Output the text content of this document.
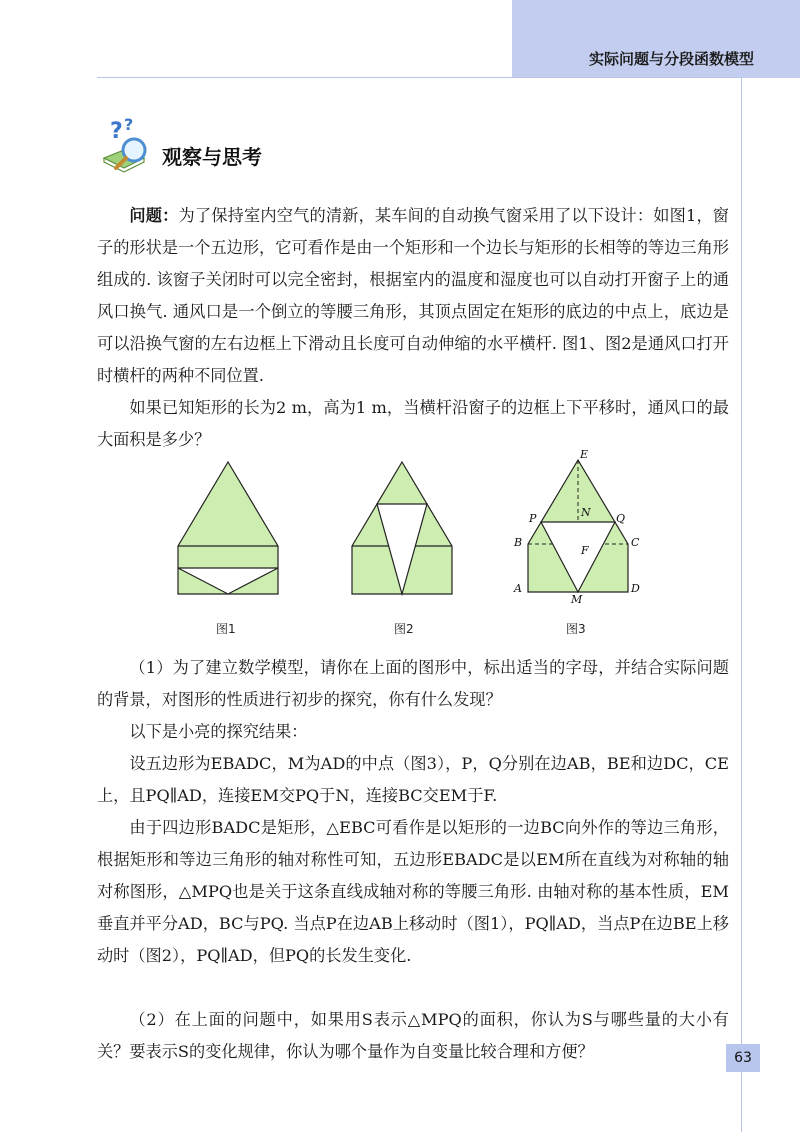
实际问题与分段函数模型
? ?
观察与思考

问题：为了保持室内空气的清新，某车间的自动换气窗采用了以下设计：如图1，窗子的形状是一个五边形，它可看作是由一个矩形和一个边长与矩形的长相等的等边三角形组成的. 该窗子关闭时可以完全密封，根据室内的温度和湿度也可以自动打开窗子上的通风口换气. 通风口是一个倒立的等腰三角形，其顶点固定在矩形的底边的中点上，底边是可以沿换气窗的左右边框上下滑动且长度可自动伸缩的水平横杆. 图1、图2是通风口打开时横杆的两种不同位置.

如果已知矩形的长为2 m，高为1 m，当横杆沿窗子的边框上下平移时，通风口的最大面积是多少？

图1	图2
E
P	N Q
B	C
F
A
M
D
图3

（1）为了建立数学模型，请你在上面的图形中，标出适当的字母，并结合实际问题的背景，对图形的性质进行初步的探究，你有什么发现？

以下是小亮的探究结果：

设五边形为EBADC，M为AD的中点（图3），P，Q分别在边AB，BE和边DC，CE上，且PQ∥AD，连接EM交PQ于N，连接BC交EM于F.

由于四边形BADC是矩形，△EBC可看作是以矩形的一边BC向外作的等边三角形，根据矩形和等边三角形的轴对称性可知，五边形EBADC是以EM所在直线为对称轴的轴对称图形，△MPQ也是关于这条直线成轴对称的等腰三角形. 由轴对称的基本性质，EM垂直并平分AD，BC与PQ. 当点P在边AB上移动时（图1），PQ∥AD，当点P在边BE上移动时（图2），PQ∥AD，但PQ的长发生变化.

（2）在上面的问题中，如果用S表示△MPQ的面积，你认为S与哪些量的大小有关？要表示S的变化规律，你认为哪个量作为自变量比较合理和方便？	63
